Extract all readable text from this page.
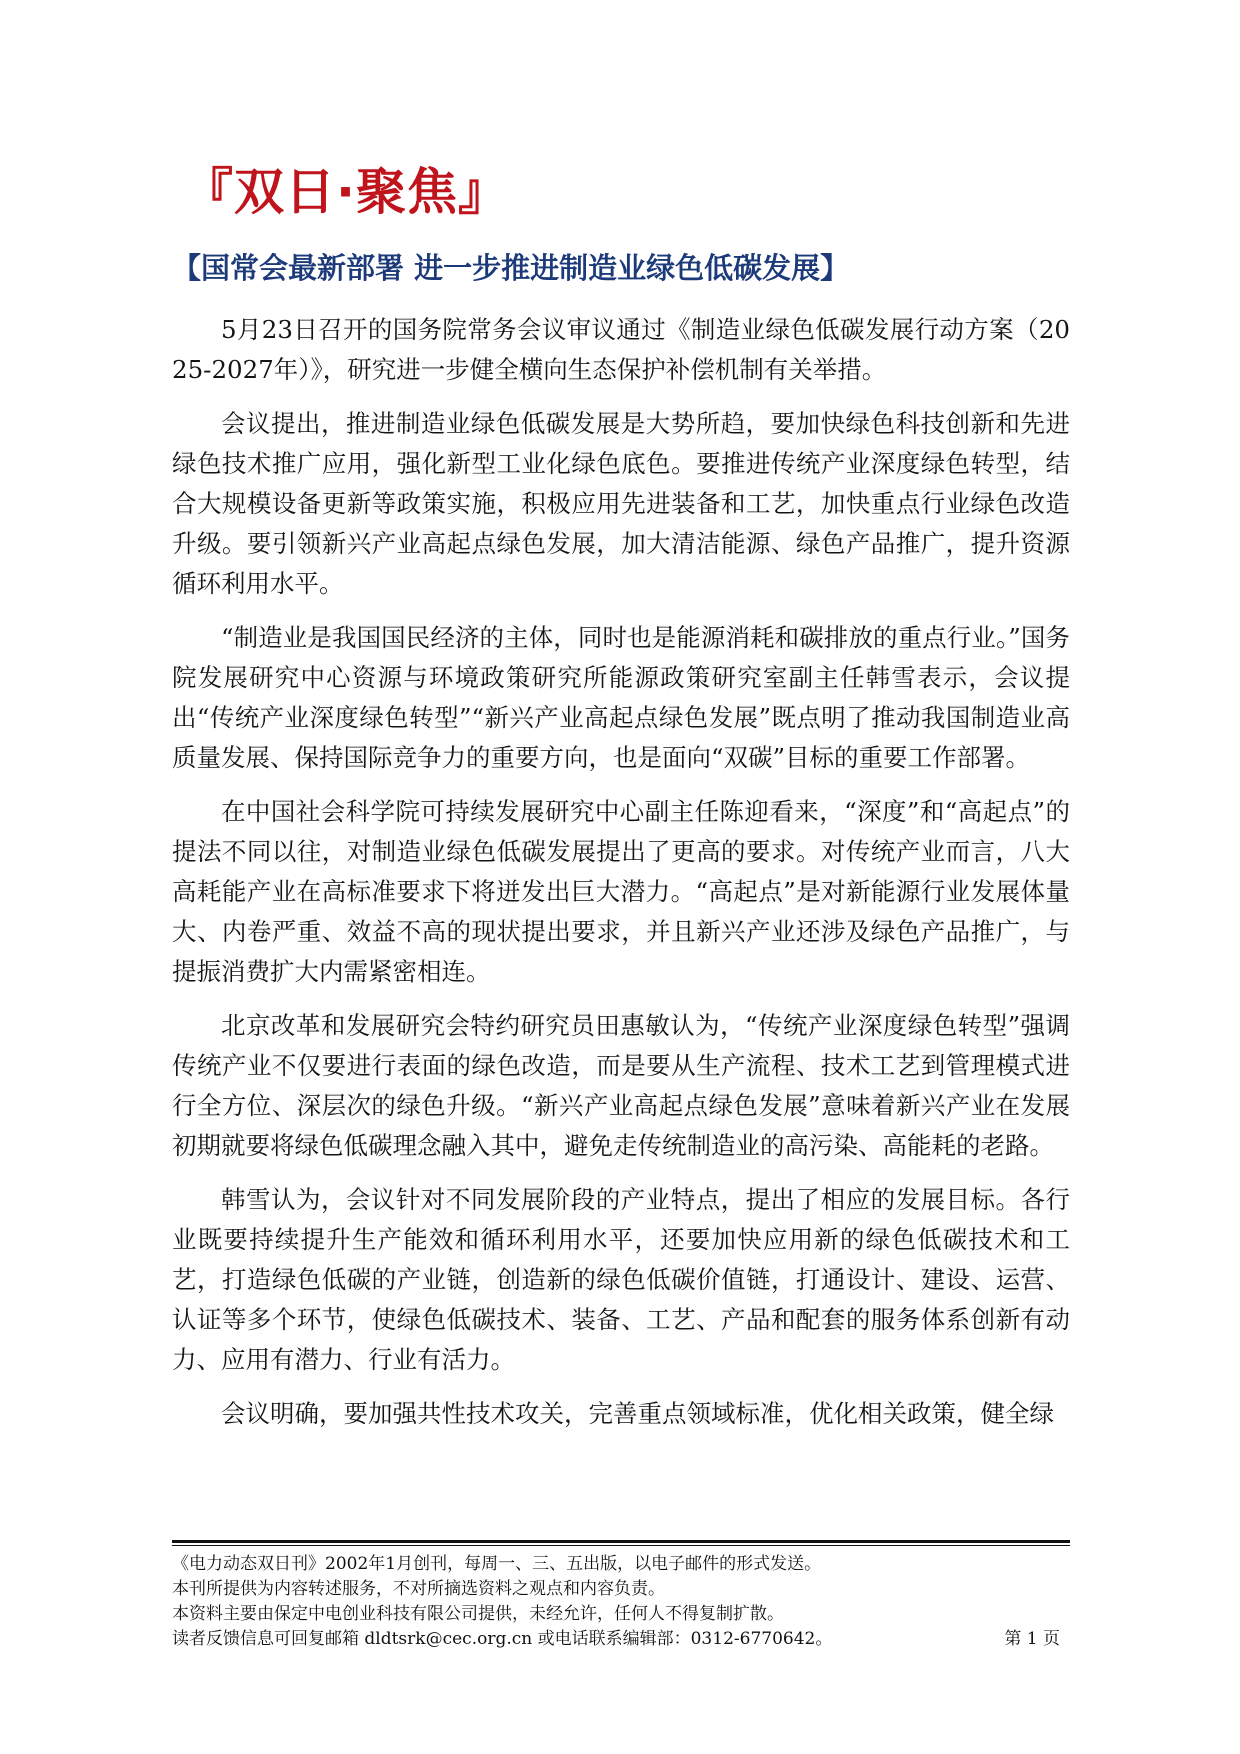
『双日·聚焦』
【国常会最新部署 进一步推进制造业绿色低碳发展】

5月23日召开的国务院常务会议审议通过《制造业绿色低碳发展行动方案（2025-2027年）》，研究进一步健全横向生态保护补偿机制有关举措。

会议提出，推进制造业绿色低碳发展是大势所趋，要加快绿色科技创新和先进绿色技术推广应用，强化新型工业化绿色底色。要推进传统产业深度绿色转型，结合大规模设备更新等政策实施，积极应用先进装备和工艺，加快重点行业绿色改造升级。要引领新兴产业高起点绿色发展，加大清洁能源、绿色产品推广，提升资源循环利用水平。

“制造业是我国国民经济的主体，同时也是能源消耗和碳排放的重点行业。”国务院发展研究中心资源与环境政策研究所能源政策研究室副主任韩雪表示，会议提出“传统产业深度绿色转型”“新兴产业高起点绿色发展”既点明了推动我国制造业高质量发展、保持国际竞争力的重要方向，也是面向“双碳”目标的重要工作部署。

在中国社会科学院可持续发展研究中心副主任陈迎看来，“深度”和“高起点”的提法不同以往，对制造业绿色低碳发展提出了更高的要求。对传统产业而言，八大高耗能产业在高标准要求下将迸发出巨大潜力。“高起点”是对新能源行业发展体量大、内卷严重、效益不高的现状提出要求，并且新兴产业还涉及绿色产品推广，与提振消费扩大内需紧密相连。

北京改革和发展研究会特约研究员田惠敏认为，“传统产业深度绿色转型”强调传统产业不仅要进行表面的绿色改造，而是要从生产流程、技术工艺到管理模式进行全方位、深层次的绿色升级。“新兴产业高起点绿色发展”意味着新兴产业在发展初期就要将绿色低碳理念融入其中，避免走传统制造业的高污染、高能耗的老路。

韩雪认为，会议针对不同发展阶段的产业特点，提出了相应的发展目标。各行业既要持续提升生产能效和循环利用水平，还要加快应用新的绿色低碳技术和工艺，打造绿色低碳的产业链，创造新的绿色低碳价值链，打通设计、建设、运营、认证等多个环节，使绿色低碳技术、装备、工艺、产品和配套的服务体系创新有动力、应用有潜力、行业有活力。

会议明确，要加强共性技术攻关，完善重点领域标准，优化相关政策，健全绿

《电力动态双日刊》2002年1月创刊，每周一、三、五出版，以电子邮件的形式发送。
本刊所提供为内容转述服务，不对所摘选资料之观点和内容负责。
本资料主要由保定中电创业科技有限公司提供，未经允许，任何人不得复制扩散。
读者反馈信息可回复邮箱 dldtsrk@cec.org.cn 或电话联系编辑部：0312-6770642。	第 1 页
